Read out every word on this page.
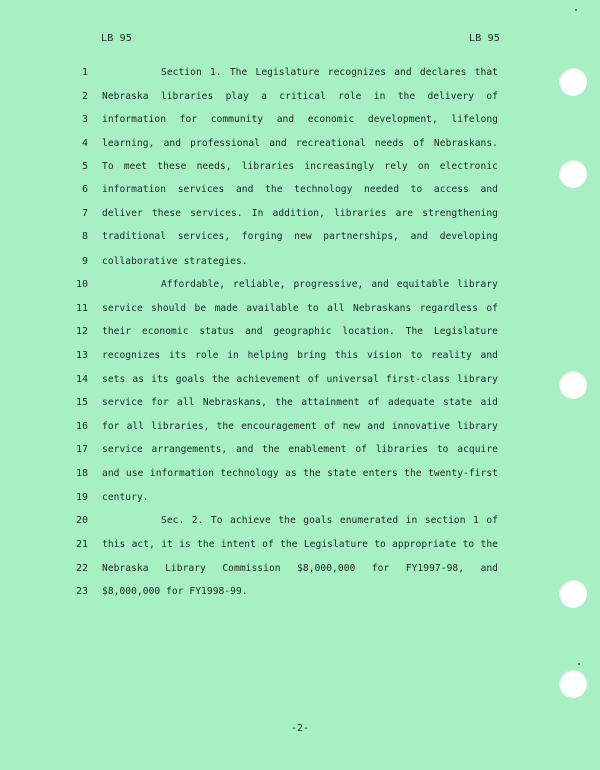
LB 95	LB 95
1	Section 1. The Legislature recognizes and declares that
2 Nebraska libraries play a critical role in the delivery of
3 information for community and economic development, lifelong
4 learning, and professional and recreational needs of Nebraskans.
5 To meet these needs, libraries increasingly rely on electronic
6 information services and the technology needed to access and
7 deliver these services. In addition, libraries are strengthening
8 traditional services, forging new partnerships, and developing
9 collaborative strategies.
10	Affordable, reliable, progressive, and equitable library
11 service should be made available to all Nebraskans regardless of
12 their economic status and geographic location. The Legislature
13 recognizes its role in helping bring this vision to reality and
14 sets as its goals the achievement of universal first-class library
15 service for all Nebraskans, the attainment of adequate state aid
16 for all libraries, the encouragement of new and innovative library
17 service arrangements, and the enablement of libraries to acquire
18 and use information technology as the state enters the twenty-first
19 century.
20	Sec. 2. To achieve the goals enumerated in section 1 of
21 this act, it is the intent of the Legislature to appropriate to the
22 Nebraska Library Commission $8,000,000 for FY1997-98, and
23 $8,000,000 for FY1998-99.
-2-
